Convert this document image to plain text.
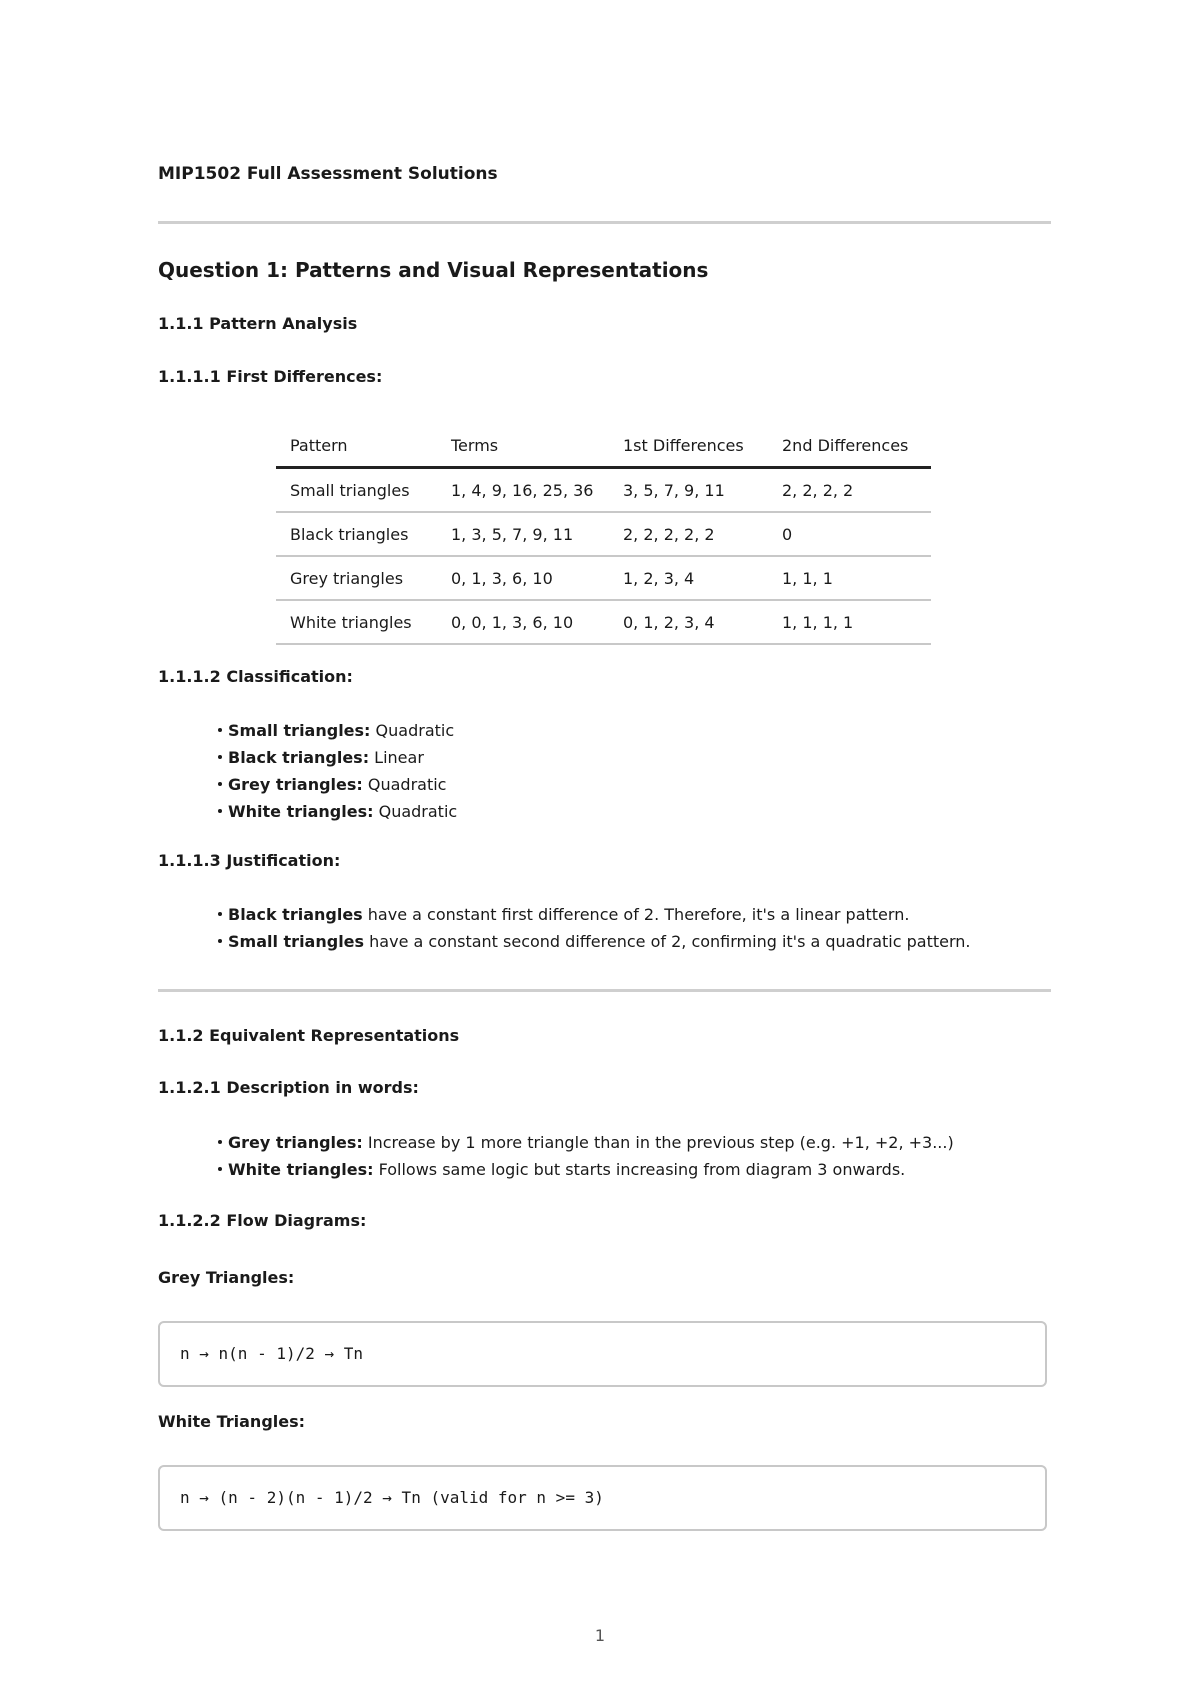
MIP1502 Full Assessment Solutions
Question 1: Patterns and Visual Representations
1.1.1 Pattern Analysis
1.1.1.1 First Differences:
Pattern	Terms	1st Differences	2nd Differences
Small triangles	1, 4, 9, 16, 25, 36	3, 5, 7, 9, 11	2, 2, 2, 2
Black triangles	1, 3, 5, 7, 9, 11	2, 2, 2, 2, 2	0
Grey triangles	0, 1, 3, 6, 10	1, 2, 3, 4	1, 1, 1
White triangles	0, 0, 1, 3, 6, 10	0, 1, 2, 3, 4	1, 1, 1, 1
1.1.1.2 Classification:
Small triangles: Quadratic
Black triangles: Linear
Grey triangles: Quadratic
White triangles: Quadratic
1.1.1.3 Justification:
Black triangles have a constant first difference of 2. Therefore, it's a linear pattern.
Small triangles have a constant second difference of 2, confirming it's a quadratic pattern.
1.1.2 Equivalent Representations
1.1.2.1 Description in words:
Grey triangles: Increase by 1 more triangle than in the previous step (e.g. +1, +2, +3...)
White triangles: Follows same logic but starts increasing from diagram 3 onwards.
1.1.2.2 Flow Diagrams:
Grey Triangles:
n → n(n - 1)/2 → Tn
White Triangles:
n → (n - 2)(n - 1)/2 → Tn (valid for n >= 3)
1
